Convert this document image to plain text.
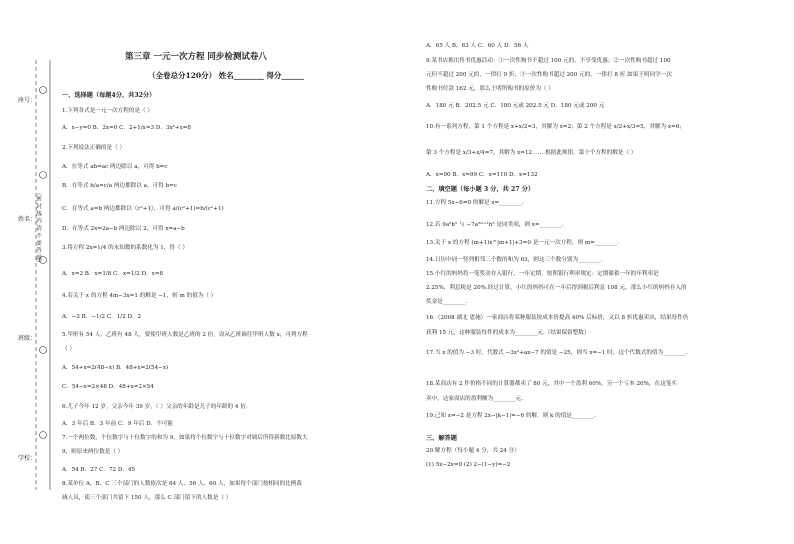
座号：
姓名：
班级：
学校：
（密 封 线 内 请 不 要 答 题）
第三章 一元一次方程 同步检测试卷八
（全卷总分120分） 姓名________ 得分______
一、选择题（每题4分，共32分）
1.下列各式是一元一次方程的是（ ）
A．x−y=0 B．2x=0 C．2+1/x=3 D．3x²+x=8
2.下列说法正确的是（ ）
A．在等式 ab=ac 两边除以 a，可得 b=c
B．在等式 b/a=c/a 两边都除以 a，可得 b=c
C．在等式 a=b 两边都除以（c²+1），可得 a/(c²+1)=b/(c²+1)
D．在等式 2x=2a−b 两边除以 2，可得 x=a−b
3.将方程 2x=1/4 的未知数的系数化为 1，得（ ）
A．x=2 B．x=1/8 C．x=1/2 D．x=8
4.若关于 x 的方程 4m−3x=1 的解是 −1，则 m 的值为（ ）
A．−2 B．−1/2 C．1/2 D．2
5.甲班有 54 人，乙班有 48 人，要使甲班人数是乙班的 2 倍，设从乙班调往甲班人数 x，可列方程
（ ）
A．54+x=2(48−x) B．48+x=2(54−x)
C．54−x=2×48 D．48+x=2×54
6.儿子今年 12 岁，父亲今年 39 岁，（ ）父亲的年龄是儿子的年龄的 4 倍.
A．3 年后 B．3 年前 C．9 年后 D．不可能
7.一个两位数，个位数字与十位数字的和为 9，如果将个位数字与十位数字对调后所得新数比原数大
9，则原来两位数是（ ）
A．54 B．27 C．72 D．45
8.某单位 A、B、C 三个部门的人数依次是 84 人、56 人、60 人，如果每个部门按相同的比例裁
减人员，使三个部门共留下 150 人，那么 C 部门留下的人数是（ ）
A．65 人 B．63 人 C．60 人 D．56 人
9.某书店推出售书优惠活动：①一次性购书不超过 100 元的，不享受优惠；②一次性购书超过 100
元但不超过 200 元的，一律打 9 折；③一次性购书超过 200 元的，一律打 8 折.如果王明同学一次
性购书付款 162 元，那么王明所购书的原价为（ ）
A．180 元 B．202.5 元 C．180 元或 202.5 元 D．180 元或 200 元
10.有一系列方程，第 1 个方程是 x+x/2=3，其解为 x=2；第 2 个方程是 x/2+x/3=5，其解为 x=6；
第 3 个方程是 x/3+x/4=7，其解为 x=12 ……根据此规律，第十个方程的解是（ ）
A．x=90 B．x=99 C．x=110 D．x=132
二、填空题（每小题 3 分，共 27 分）
11.方程 5x−6=0 的解是 x=________.
12.若 9a⁵b⁵ 与 −7a²ᵐ⁺¹b⁵ 是同类项，则 x=________.
13.关于 x 的方程 (m+1)x^|m+1|+3=0 是一元一次方程，则 m=________.
14.日历中同一竖列相邻三个数的和为 63，则这三个数分别为________.
15.小红的妈妈将一笔奖金存入银行，一年定期，按照银行利率规定：定期储蓄一年的年利率是
2.25%，利息税是 20%.经过计算，小红的妈妈可在一年后得到税后利息 108 元，那么小红的妈妈存入的
奖金是________.
16.（2008 湖北 恩施）一家商店将某种服装按成本价提高 40% 后标价，又以 8 折优惠卖出，结果每件仍
获利 15 元，这种服装每件的成本为________元.（结果保留整数）
17.当 x 的值为 −3 时，代数式 −3x²+ax−7 的值是 −25，则当 x=−1 时，这个代数式的值为________.
18.某商店有 2 件价格不同的计算器都卖了 80 元，其中一个盈利 60%，另一个亏本 20%，在这笔买
卖中，这家商店的盈利额为________元.
19.已知 x=−2 是方程 2x−|k−1|=−6 的解，则 k 的值是________.
三、解答题
20.解方程（每小题 4 分，共 24 分）
(1) 5x−2x=9 (2) 2−(1−y)=−2
